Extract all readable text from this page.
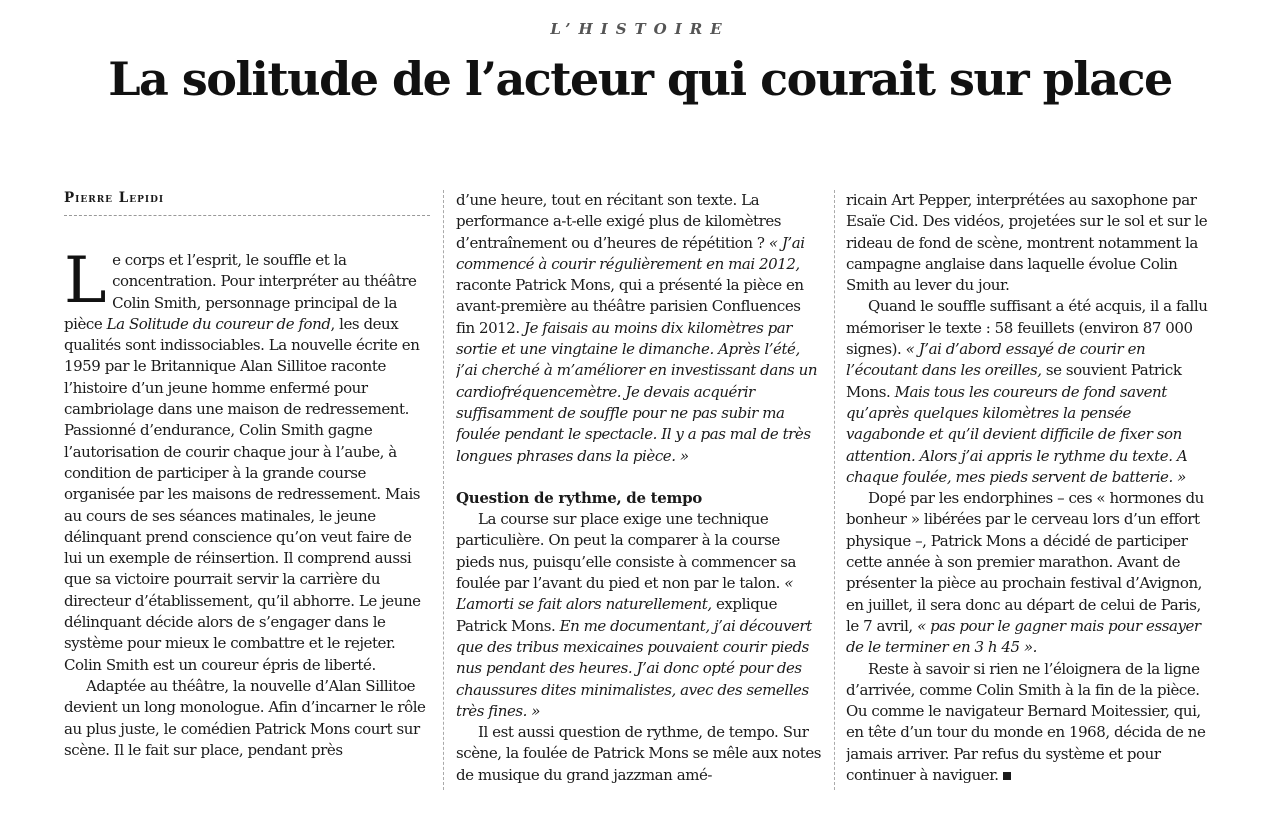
L’HISTOIRE
La solitude de l’acteur qui courait sur place
Pierre Lepidi

Le corps et l’esprit, le souffle et la concentration. Pour interpréter au théâtre Colin Smith, personnage principal de la pièce La Solitude du coureur de fond, les deux qualités sont indissociables. La nouvelle écrite en 1959 par le Britannique Alan Sillitoe raconte l’histoire d’un jeune homme enfermé pour cambriolage dans une maison de redressement. Passionné d’endurance, Colin Smith gagne l’autorisation de courir chaque jour à l’aube, à condition de participer à la grande course organisée par les maisons de redressement. Mais au cours de ses séances matinales, le jeune délinquant prend conscience qu’on veut faire de lui un exemple de réinsertion. Il comprend aussi que sa victoire pourrait servir la carrière du directeur d’établissement, qu’il abhorre. Le jeune délinquant décide alors de s’engager dans le système pour mieux le combattre et le rejeter. Colin Smith est un coureur épris de liberté.

Adaptée au théâtre, la nouvelle d’Alan Sillitoe devient un long monologue. Afin d’incarner le rôle au plus juste, le comédien Patrick Mons court sur scène. Il le fait sur place, pendant près

d’une heure, tout en récitant son texte. La performance a-t-elle exigé plus de kilomètres d’entraînement ou d’heures de répétition ? « J’ai commencé à courir régulièrement en mai 2012, raconte Patrick Mons, qui a présenté la pièce en avant-première au théâtre parisien Confluences fin 2012. Je faisais au moins dix kilomètres par sortie et une vingtaine le dimanche. Après l’été, j’ai cherché à m’améliorer en investissant dans un cardiofréquencemètre. Je devais acquérir suffisamment de souffle pour ne pas subir ma foulée pendant le spectacle. Il y a pas mal de très longues phrases dans la pièce. »

Question de rythme, de tempo

La course sur place exige une technique particulière. On peut la comparer à la course pieds nus, puisqu’elle consiste à commencer sa foulée par l’avant du pied et non par le talon. « L’amorti se fait alors naturellement, explique Patrick Mons. En me documentant, j’ai découvert que des tribus mexicaines pouvaient courir pieds nus pendant des heures. J’ai donc opté pour des chaussures dites minimalistes, avec des semelles très fines. »

Il est aussi question de rythme, de tempo. Sur scène, la foulée de Patrick Mons se mêle aux notes de musique du grand jazzman amé-

ricain Art Pepper, interprétées au saxophone par Esaïe Cid. Des vidéos, projetées sur le sol et sur le rideau de fond de scène, montrent notamment la campagne anglaise dans laquelle évolue Colin Smith au lever du jour.

Quand le souffle suffisant a été acquis, il a fallu mémoriser le texte : 58 feuillets (environ 87 000 signes). « J’ai d’abord essayé de courir en l’écoutant dans les oreilles, se souvient Patrick Mons. Mais tous les coureurs de fond savent qu’après quelques kilomètres la pensée vagabonde et qu’il devient difficile de fixer son attention. Alors j’ai appris le rythme du texte. A chaque foulée, mes pieds servent de batterie. »

Dopé par les endorphines – ces « hormones du bonheur » libérées par le cerveau lors d’un effort physique –, Patrick Mons a décidé de participer cette année à son premier marathon. Avant de présenter la pièce au prochain festival d’Avignon, en juillet, il sera donc au départ de celui de Paris, le 7 avril, « pas pour le gagner mais pour essayer de le terminer en 3 h 45 ».

Reste à savoir si rien ne l’éloignera de la ligne d’arrivée, comme Colin Smith à la fin de la pièce. Ou comme le navigateur Bernard Moitessier, qui, en tête d’un tour du monde en 1968, décida de ne jamais arriver. Par refus du système et pour continuer à naviguer.
